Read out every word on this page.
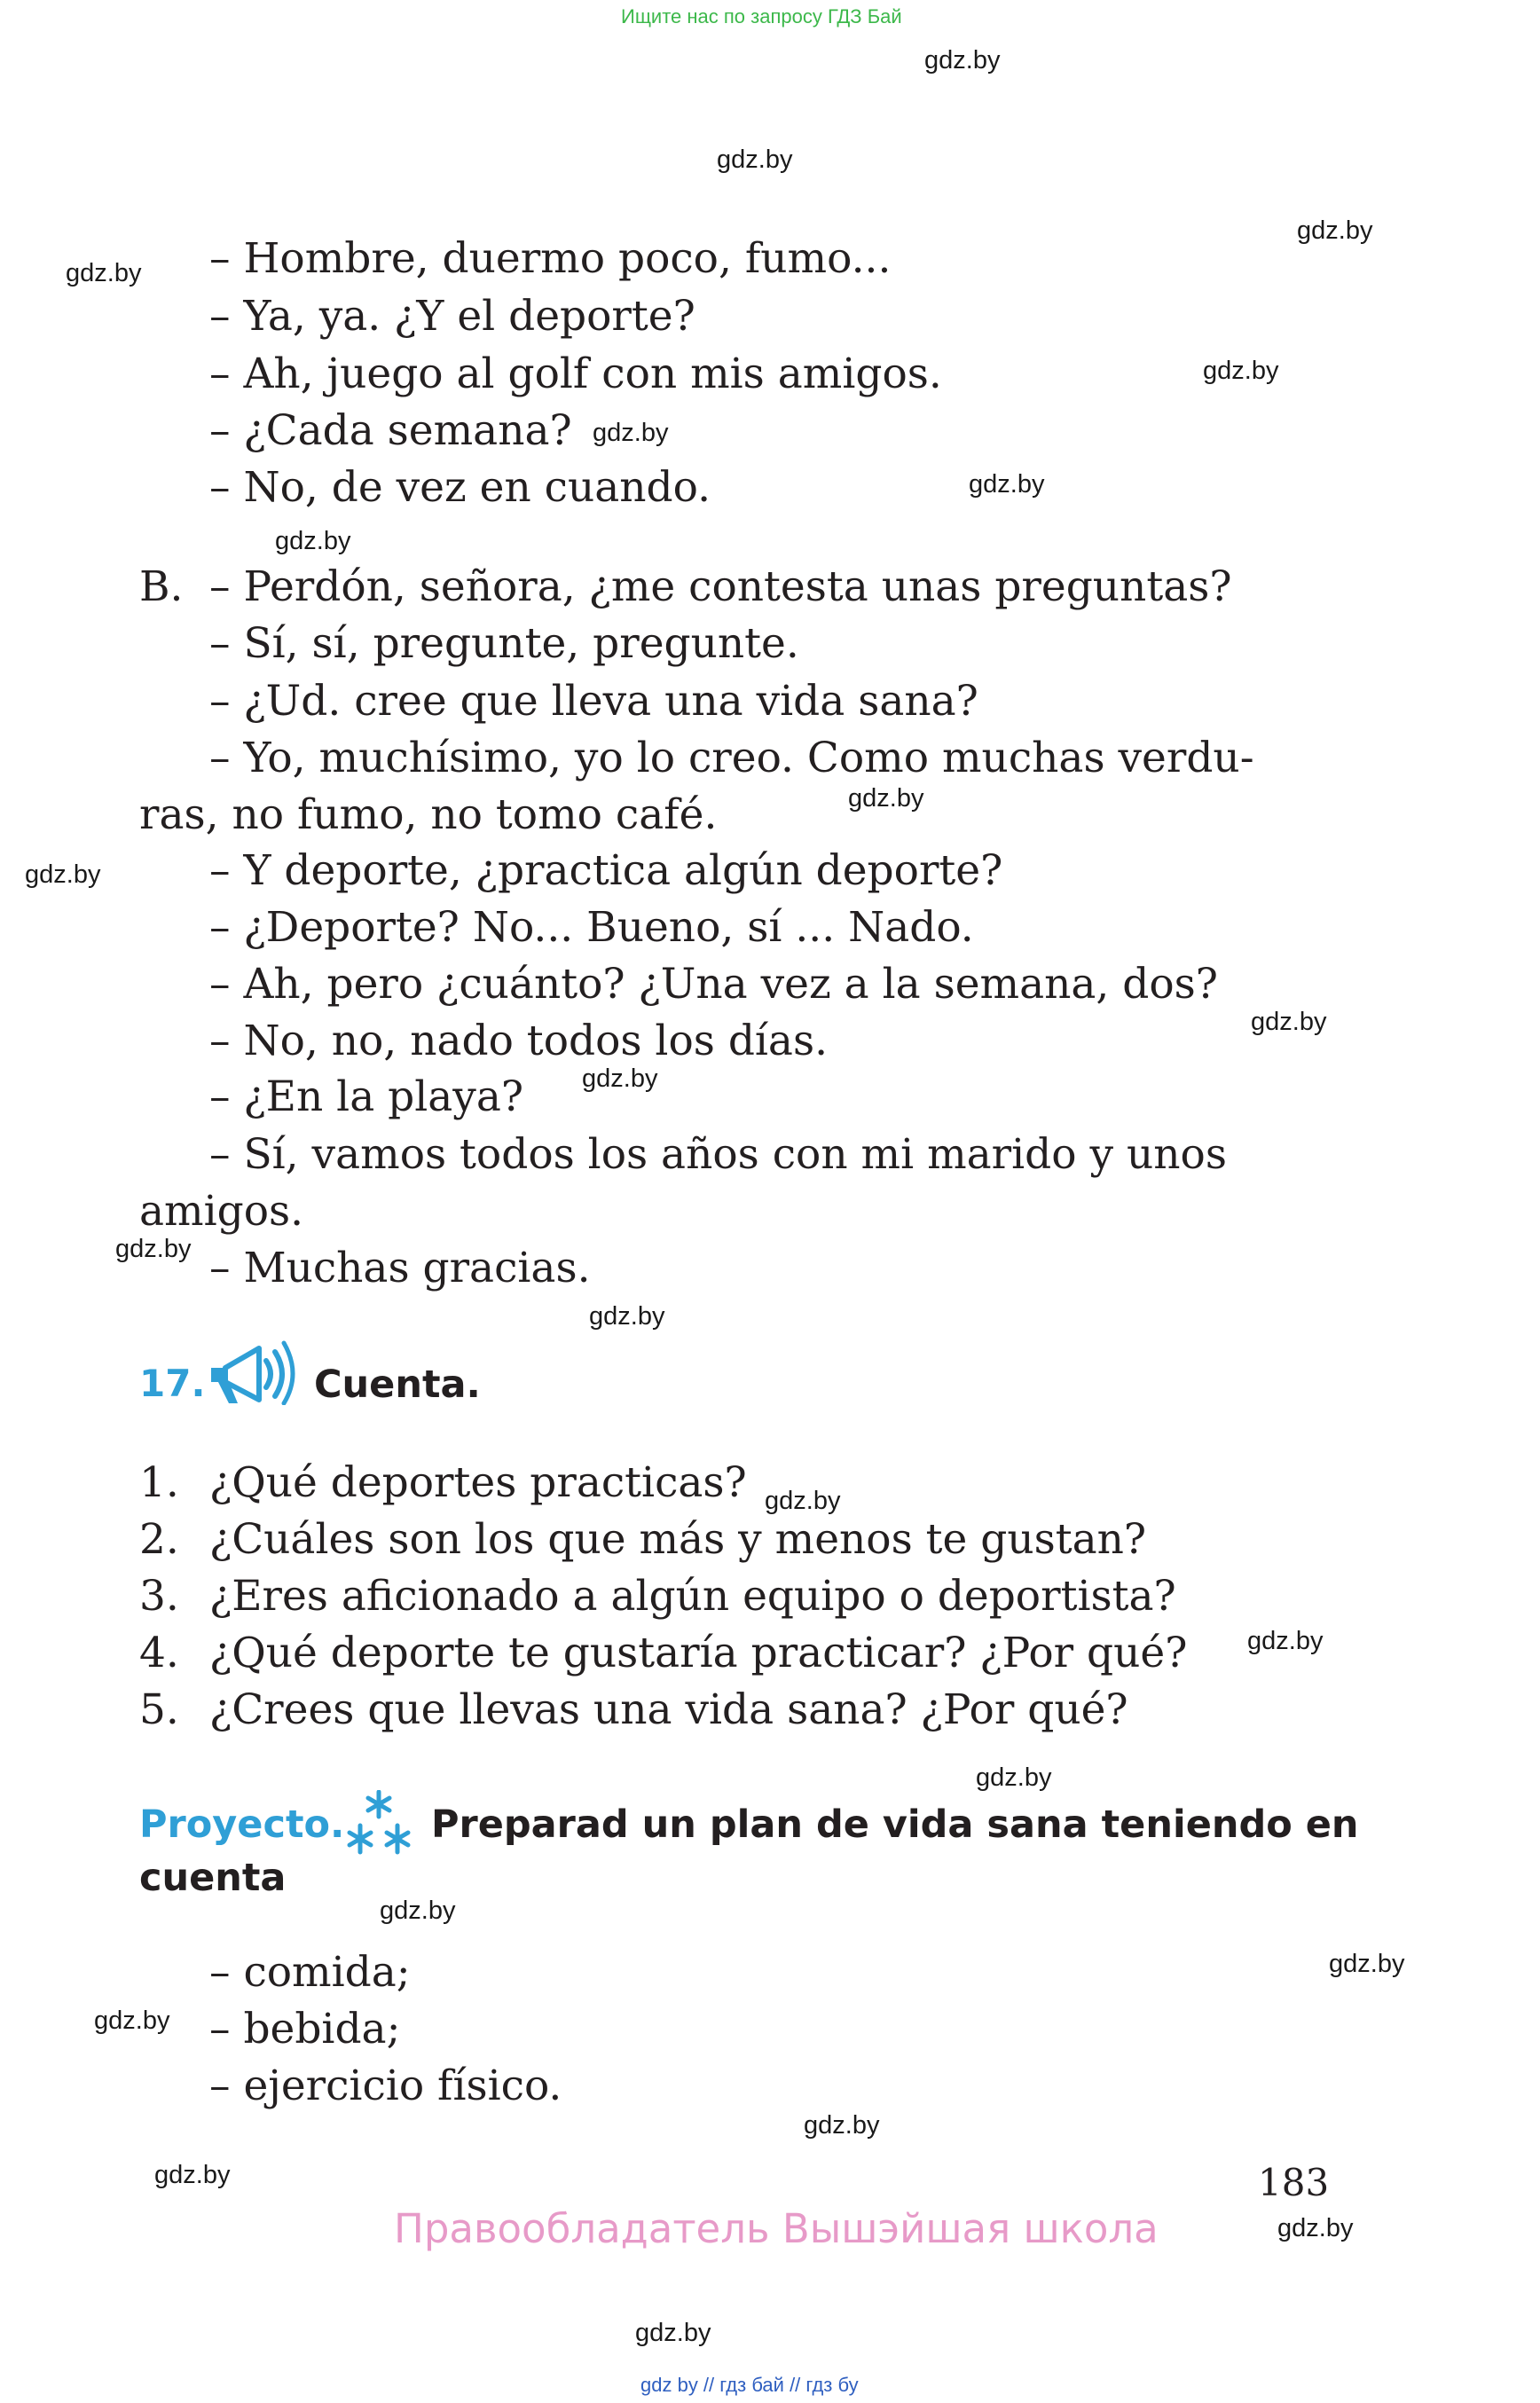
Ищите нас по запросу ГДЗ Бай
– Hombre, duermo poco, fumo...
– Ya, ya. ¿Y el deporte?
– Ah, juego al golf con mis amigos.
– ¿Cada semana?
– No, de vez en cuando.
B. – Perdón, señora, ¿me contesta unas preguntas?
– Sí, sí, pregunte, pregunte.
– ¿Ud. cree que lleva una vida sana?
– Yo, muchísimo, yo lo creo. Como muchas verdu-
ras, no fumo, no tomo café.
– Y deporte, ¿practica algún deporte?
– ¿Deporte? No... Bueno, sí ... Nado.
– Ah, pero ¿cuánto? ¿Una vez a la semana, dos?
– No, no, nado todos los días.
– ¿En la playa?
– Sí, vamos todos los años con mi marido y unos
amigos.
– Muchas gracias.
17.	Cuenta.
1. ¿Qué deportes practicas?
2. ¿Cuáles son los que más y menos te gustan?
3. ¿Eres aficionado a algún equipo o deportista?
4. ¿Qué deporte te gustaría practicar? ¿Por qué?
5. ¿Crees que llevas una vida sana? ¿Por qué?
Proyecto. Preparad un plan de vida sana teniendo en
cuenta
– comida;
– bebida;
– ejercicio físico.
183
Правообладатель Вышэйшая школа
gdz by // гдз бай // гдз бу
gdz.by
gdz.by
gdz.by
gdz.by
gdz.by
gdz.by
gdz.by
gdz.by
gdz.by
gdz.by
gdz.by
gdz.by
gdz.by
gdz.by
gdz.by
gdz.by
gdz.by
gdz.by
gdz.by
gdz.by
gdz.by
gdz.by
gdz.by
gdz.by
